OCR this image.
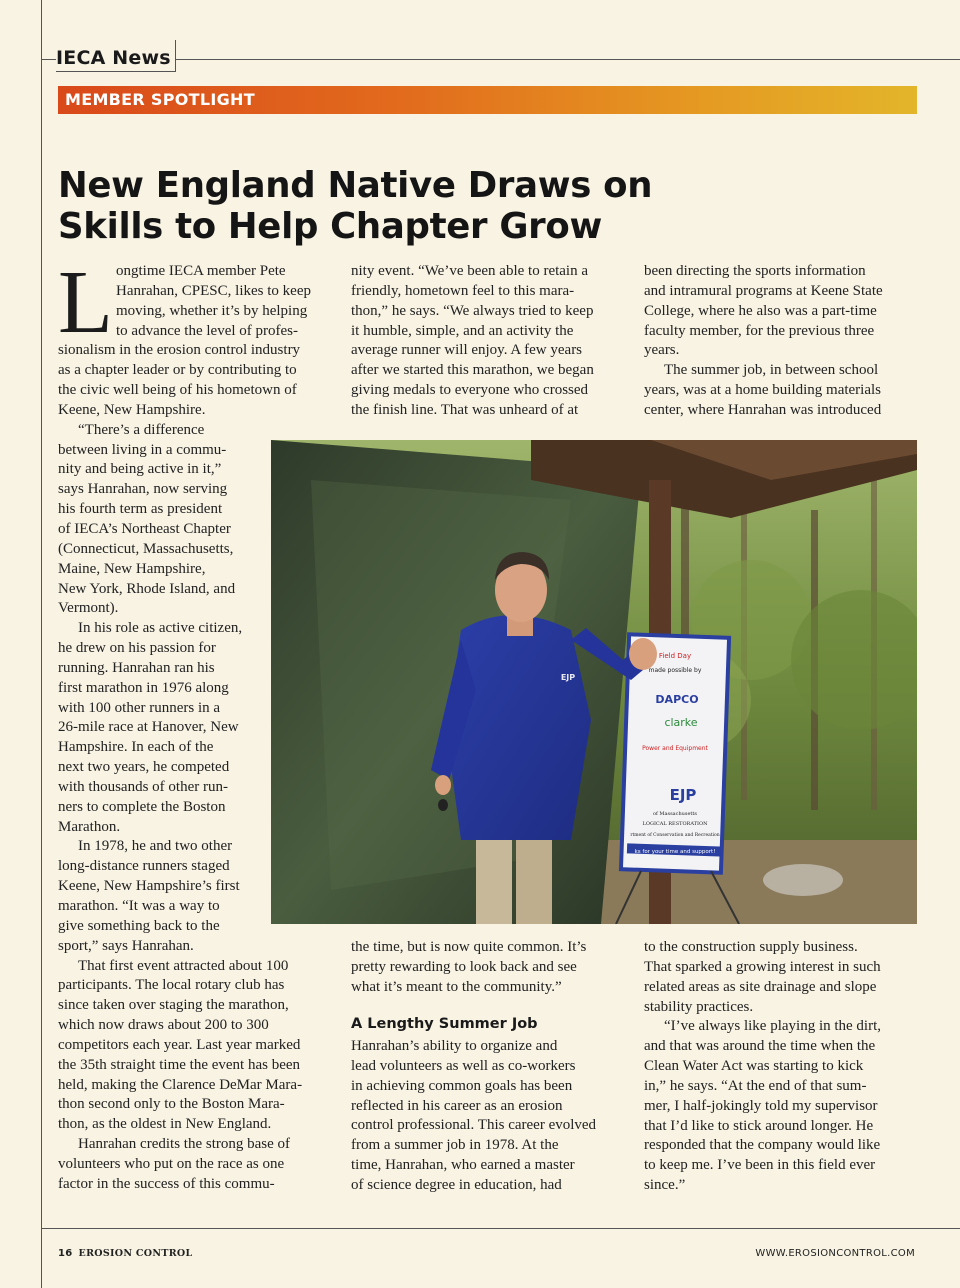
IECA News
MEMBER SPOTLIGHT
New England Native Draws on
Skills to Help Chapter Grow
L ongtime IECA member Pete
Hanrahan, CPESC, likes to keep
moving, whether it’s by helping
to advance the level of profes-
sionalism in the erosion control industry
as a chapter leader or by contributing to
the civic well being of his hometown of
Keene, New Hampshire.
“There’s a difference
between living in a commu-
nity and being active in it,”
says Hanrahan, now serving
his fourth term as president
of IECA’s Northeast Chapter
(Connecticut, Massachusetts,
Maine, New Hampshire,
New York, Rhode Island, and
Vermont).
In his role as active citizen,
he drew on his passion for
running. Hanrahan ran his
first marathon in 1976 along
with 100 other runners in a
26-mile race at Hanover, New
Hampshire. In each of the
next two years, he competed
with thousands of other run-
ners to complete the Boston
Marathon.
In 1978, he and two other
long-distance runners staged
Keene, New Hampshire’s first
marathon. “It was a way to
give something back to the
sport,” says Hanrahan.
That first event attracted about 100
participants. The local rotary club has
since taken over staging the marathon,
which now draws about 200 to 300
competitors each year. Last year marked
the 35th straight time the event has been
held, making the Clarence DeMar Mara-
thon second only to the Boston Mara-
thon, as the oldest in New England.
Hanrahan credits the strong base of
volunteers who put on the race as one
factor in the success of this commu-
nity event. “We’ve been able to retain a
friendly, hometown feel to this mara-
thon,” he says. “We always tried to keep
it humble, simple, and an activity the
average runner will enjoy. A few years
after we started this marathon, we began
giving medals to everyone who crossed
the finish line. That was unheard of at
been directing the sports information
and intramural programs at Keene State
College, where he also was a part-time
faculty member, for the previous three
years.
The summer job, in between school
years, was at a home building materials
center, where Hanrahan was introduced
Field Day
made possible by
DAPCO
clarke
Power and Equipment
EJP
of Massachusetts
LOGICAL RESTORATION
rtment of Conservation and Recreation
ks for your time and support!
EJP
the time, but is now quite common. It’s
pretty rewarding to look back and see
what it’s meant to the community.”
A Lengthy Summer Job
Hanrahan’s ability to organize and
lead volunteers as well as co-workers
in achieving common goals has been
reflected in his career as an erosion
control professional. This career evolved
from a summer job in 1978. At the
time, Hanrahan, who earned a master
of science degree in education, had
to the construction supply business.
That sparked a growing interest in such
related areas as site drainage and slope
stability practices.
“I’ve always like playing in the dirt,
and that was around the time when the
Clean Water Act was starting to kick
in,” he says. “At the end of that sum-
mer, I half-jokingly told my supervisor
that I’d like to stick around longer. He
responded that the company would like
to keep me. I’ve been in this field ever
since.”
16 EROSION CONTROL	WWW.EROSIONCONTROL.COM
